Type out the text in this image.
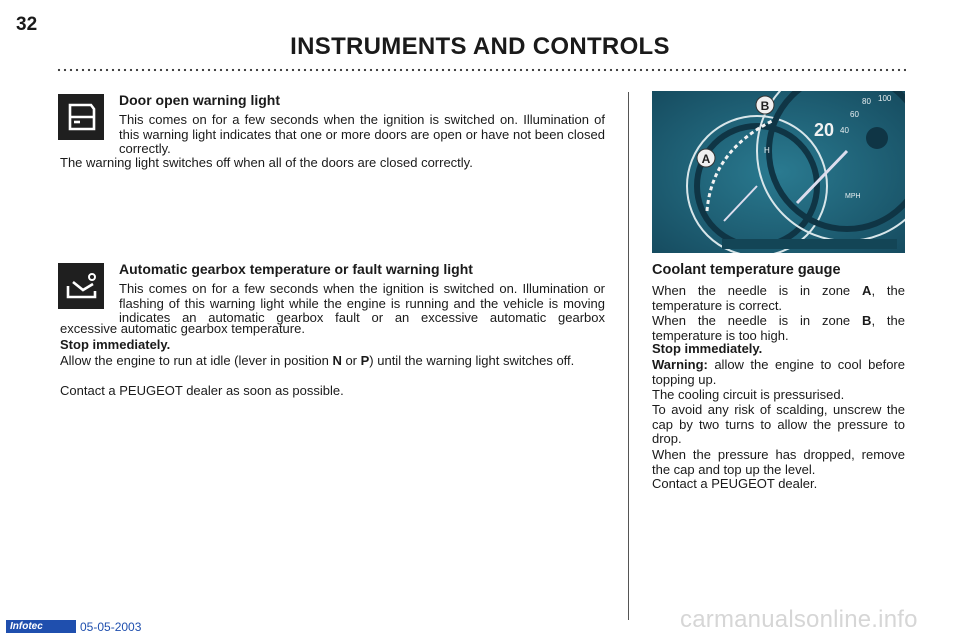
32
INSTRUMENTS AND CONTROLS
Door open warning light
This comes on for a few seconds when the ignition is switched on. Illumination of this warning light indicates that one or more doors are open or have not been closed correctly.
The warning light switches off when all of the doors are closed correctly.
Automatic gearbox temperature or fault warning light
This comes on for a few seconds when the ignition is switched on. Illumination or flashing of this warning light while the engine is running and the vehicle is moving indicates an automatic gearbox fault or an excessive automatic gearbox
excessive automatic gearbox temperature.
Stop immediately.
Allow the engine to run at idle (lever in position N or P) until the warning light switches off.
Contact a PEUGEOT dealer as soon as possible.
A
B
H
20 40
60
80 100
MPH
Coolant temperature gauge
When the needle is in zone A, the temperature is correct.
When the needle is in zone B, the temperature is too high.
Stop immediately.
Warning: allow the engine to cool before topping up.
The cooling circuit is pressurised.
To avoid any risk of scalding, unscrew the cap by two turns to allow the pressure to drop.
When the pressure has dropped, remove the cap and top up the level.
Contact a PEUGEOT dealer.
Infotec	05-05-2003	carmanualsonline.info
